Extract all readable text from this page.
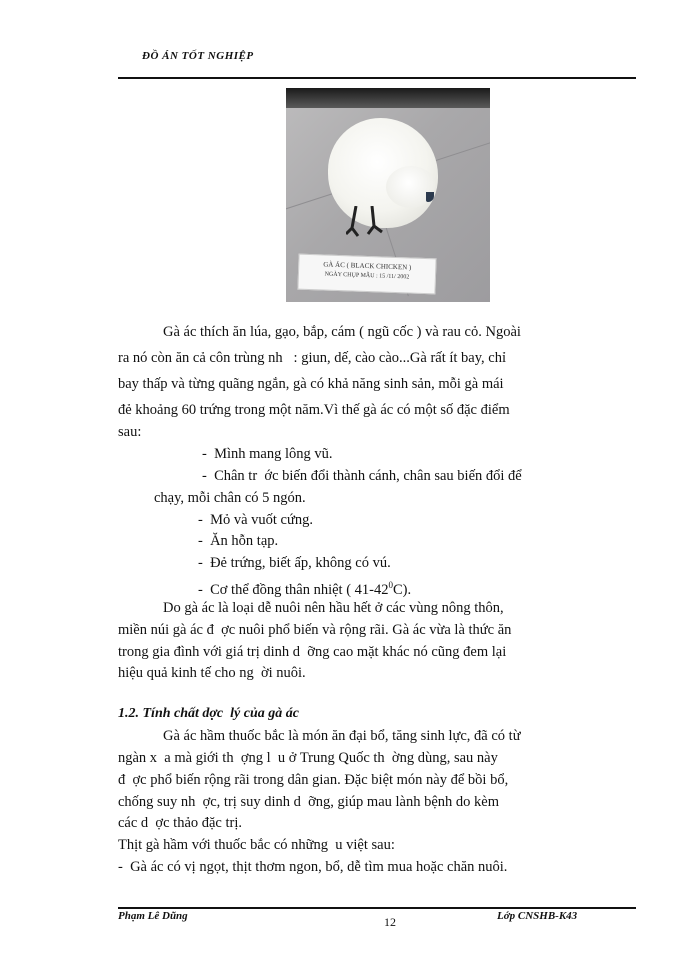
ĐỒ ÁN TỐT NGHIỆP
GÀ ÁC ( BLACK CHICKEN )
NGÀY CHỤP MẪU : 15 /11/ 2002
Gà ác thích ăn lúa, gạo, bắp, cám ( ngũ cốc ) và rau cỏ. Ngoài
ra nó còn ăn cả côn trùng nh   : giun, dế, cào cào...Gà rất ít bay, chỉ
bay thấp và từng quãng ngắn, gà có khả năng sinh sản, mỗi gà mái
đẻ khoảng 60 trứng trong một năm.Vì thế gà ác có một số đặc điểm
sau:
-  Mình mang lông vũ.
-  Chân tr  ớc biến đổi thành cánh, chân sau biến đổi để
chạy, mỗi chân có 5 ngón.
-  Mỏ và vuốt cứng.
-  Ăn hỗn tạp.
-  Đẻ trứng, biết ấp, không có vú.
-  Cơ thể đồng thân nhiệt ( $41-42^0C$).
Do gà ác là loại dễ nuôi nên hầu hết ở các vùng nông thôn,
miền núi gà ác đ  ợc nuôi phổ biến và rộng rãi. Gà ác vừa là thức ăn
trong gia đình với giá trị dinh d  ỡng cao mặt khác nó cũng đem lại
hiệu quả kinh tế cho ng  ời nuôi.
1.2. Tính chất dợc  lý của gà ác
Gà ác hầm thuốc bắc là món ăn đại bổ, tăng sinh lực, đã có từ
ngàn x  a mà giới th  ợng l  u ở Trung Quốc th  ờng dùng, sau này
đ  ợc phổ biến rộng rãi trong dân gian. Đặc biệt món này để bồi bổ,
chống suy nh  ợc, trị suy dinh d  ỡng, giúp mau lành bệnh do kèm
các d  ợc thảo đặc trị.
Thịt gà hầm với thuốc bắc có những  u việt sau:
-  Gà ác có vị ngọt, thịt thơm ngon, bổ, dễ tìm mua hoặc chăn nuôi.
Phạm Lê Dũng	12	Lớp CNSHB-K43
